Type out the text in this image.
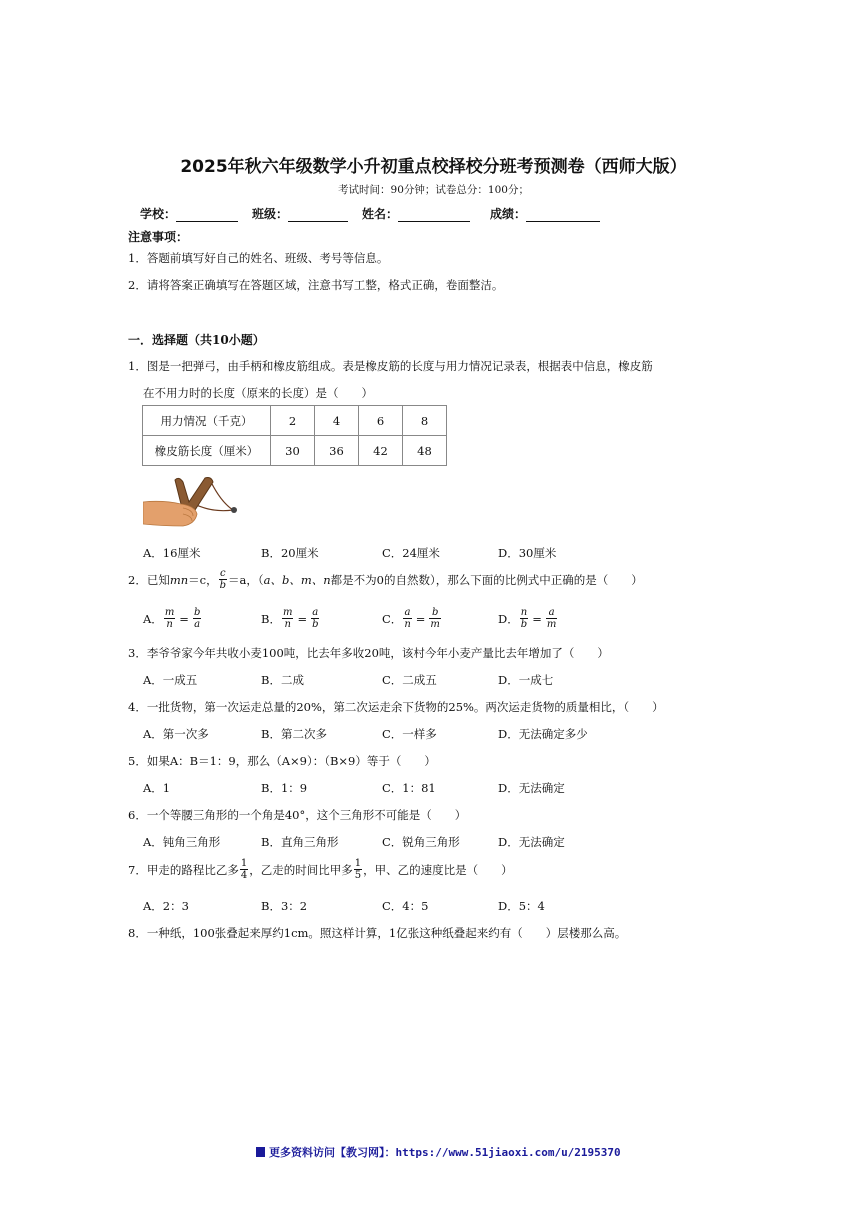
2025年秋六年级数学小升初重点校择校分班考预测卷（西师大版）
考试时间：90分钟；试卷总分：100分；
学校：	班级：	姓名：	成绩：
注意事项：
1．答题前填写好自己的姓名、班级、考号等信息。
2．请将答案正确填写在答题区域，注意书写工整，格式正确，卷面整洁。
一．选择题（共10小题）
1．图是一把弹弓，由手柄和橡皮筋组成。表是橡皮筋的长度与用力情况记录表，根据表中信息，橡皮筋
在不用力时的长度（原来的长度）是（　　）
用力情况（千克）	2	4	6	8
橡皮筋长度（厘米）	30	36	42	48
A．16厘米	B．20厘米	C．24厘米	D．30厘米
2．已知 mn ＝c， $\frac{c}{b} =a$，（ a、b、m、n 都是不为0的自然数），那么下面的比例式中正确的是（　　）
A． $\frac{m}{n} = \frac{b}{a}$	B． $\frac{m}{n} = \frac{a}{b}$	C． $\frac{a}{n} = \frac{b}{m}$	D． $\frac{n}{b} = \frac{a}{m}$
3．李爷爷家今年共收小麦100吨，比去年多收20吨，该村今年小麦产量比去年增加了（　　）
A．一成五	B．二成	C．二成五	D．一成七
4．一批货物，第一次运走总量的20%，第二次运走余下货物的25%。两次运走货物的质量相比，（　　）
A．第一次多	B．第二次多	C．一样多	D．无法确定多少
5．如果A：B＝1：9，那么（A×9）：（B×9）等于（　　）
A．1	B．1：9	C．1：81	D．无法确定
6．一个等腰三角形的一个角是40°，这个三角形不可能是（　　）
A．钝角三角形	B．直角三角形	C．锐角三角形	D．无法确定
7．甲走的路程比乙多 $\frac{1}{4}$ ，乙走的时间比甲多 $\frac{1}{5}$ ，甲、乙的速度比是（　　）
A．2：3	B．3：2	C．4：5	D．5：4
8．一种纸，100张叠起来厚约1cm。照这样计算，1亿张这种纸叠起来约有（　　）层楼那么高。
更多资料访问【教习网】：https://www.51jiaoxi.com/u/2195370
